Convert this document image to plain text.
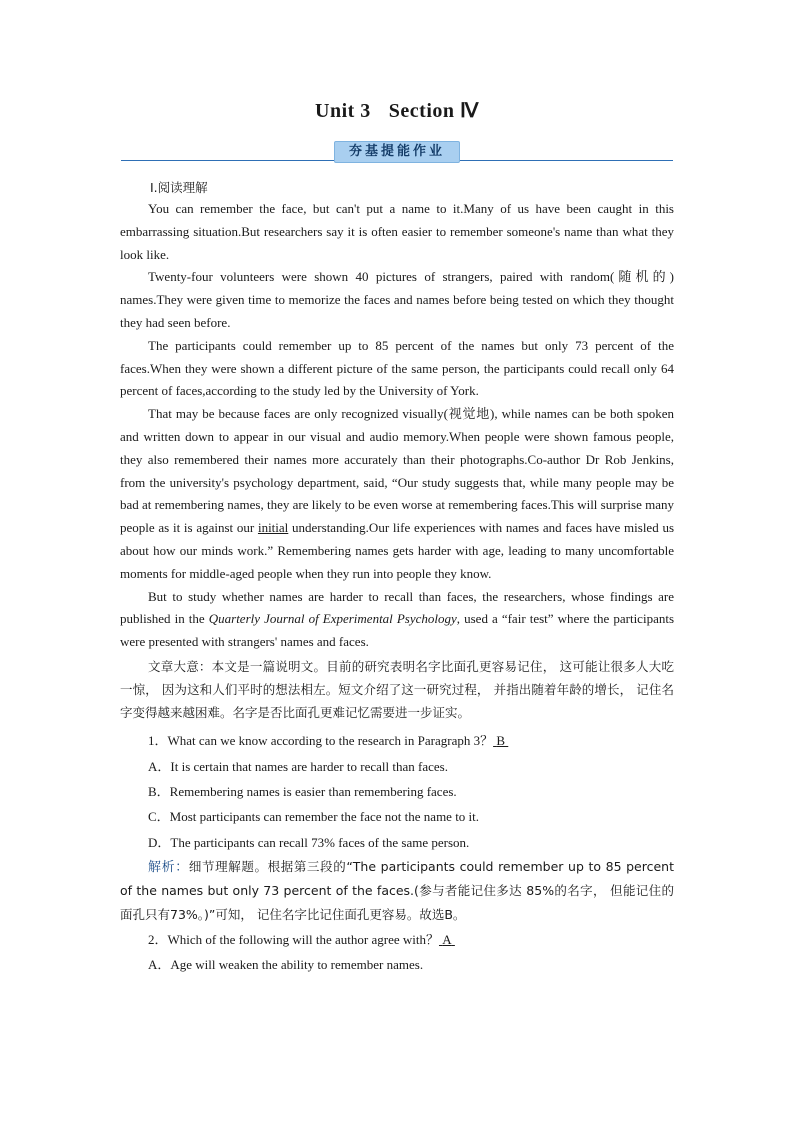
Unit 3 Section Ⅳ
夯基提能作业
Ⅰ.阅读理解

You can remember the face, but can't put a name to it.Many of us have been caught in this embarrassing situation.But researchers say it is often easier to remember someone's name than what they look like.

Twenty-four volunteers were shown 40 pictures of strangers, paired with random(随机的) names.They were given time to memorize the faces and names before being tested on which they thought they had seen before.

The participants could remember up to 85 percent of the names but only 73 percent of the faces.When they were shown a different picture of the same person, the participants could recall only 64 percent of faces,according to the study led by the University of York.

That may be because faces are only recognized visually(视觉地), while names can be both spoken and written down to appear in our visual and audio memory.When people were shown famous people, they also remembered their names more accurately than their photographs.Co-author Dr Rob Jenkins, from the university's psychology department, said, “Our study suggests that, while many people may be bad at remembering names, they are likely to be even worse at remembering faces.This will surprise many people as it is against our initial understanding.Our life experiences with names and faces have misled us about how our minds work.” Remembering names gets harder with age, leading to many uncomfortable moments for middle-aged people when they run into people they know.

But to study whether names are harder to recall than faces, the researchers, whose findings are published in the Quarterly Journal of Experimental Psychology, used a “fair test” where the participants were presented with strangers' names and faces.

文章大意：本文是一篇说明文。目前的研究表明名字比面孔更容易记住， 这可能让很多人大吃一惊， 因为这和人们平时的想法相左。短文介绍了这一研究过程， 并指出随着年龄的增长， 记住名字变得越来越困难。名字是否比面孔更难记忆需要进一步证实。

1．What can we know according to the research in Paragraph 3？ B
A．It is certain that names are harder to recall than faces.
B．Remembering names is easier than remembering faces.
C．Most participants can remember the face not the name to it.
D．The participants can recall 73% faces of the same person.

解析：细节理解题。根据第三段的“The participants could remember up to 85 percent of the names but only 73 percent of the faces.(参与者能记住多达 85%的名字， 但能记住的面孔只有73%。)”可知， 记住名字比记住面孔更容易。故选B。

2．Which of the following will the author agree with？ A
A．Age will weaken the ability to remember names.
